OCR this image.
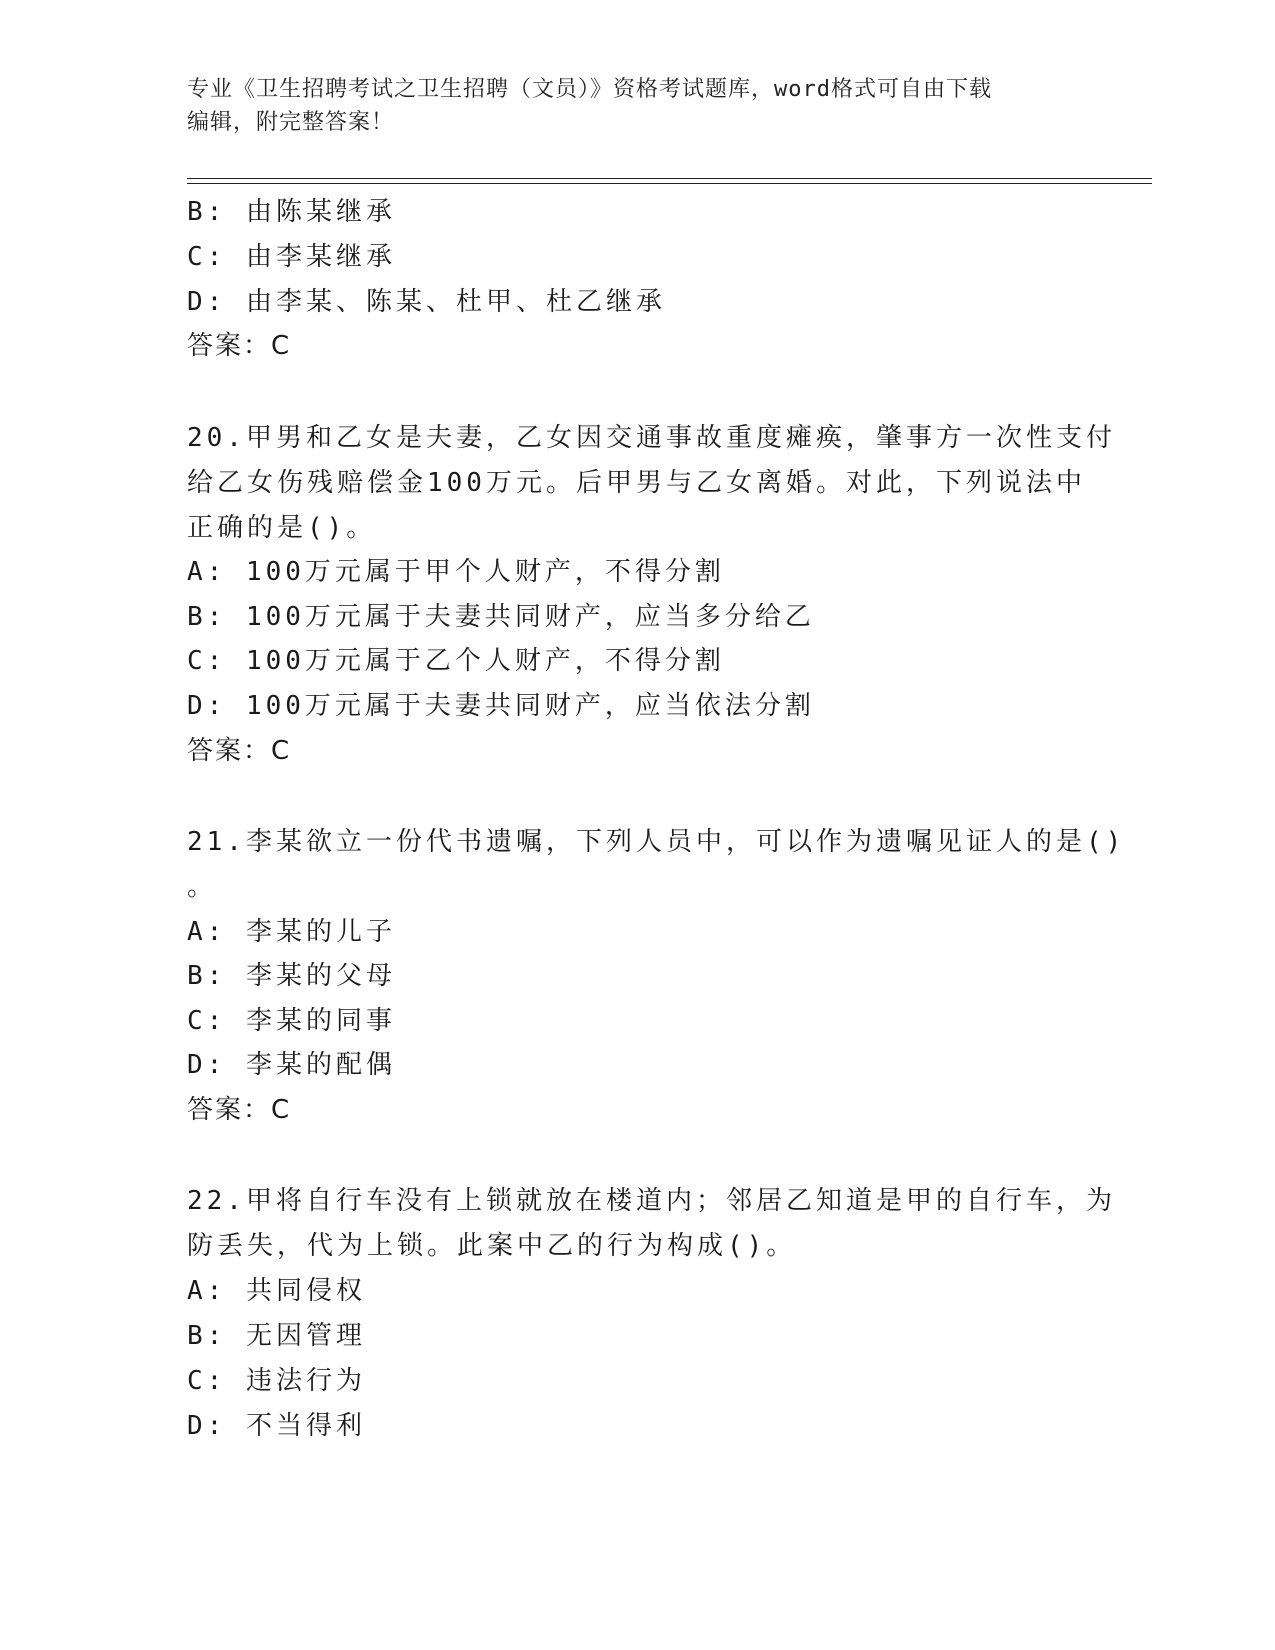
专业《卫生招聘考试之卫生招聘（文员）》资格考试题库，word格式可自由下载
编辑，附完整答案！
B: 由陈某继承
C: 由李某继承
D: 由李某、陈某、杜甲、杜乙继承
答案：C
20.甲男和乙女是夫妻，乙女因交通事故重度瘫痪，肇事方一次性支付
给乙女伤残赔偿金100万元。后甲男与乙女离婚。对此，下列说法中
正确的是()。
A: 100万元属于甲个人财产，不得分割
B: 100万元属于夫妻共同财产，应当多分给乙
C: 100万元属于乙个人财产，不得分割
D: 100万元属于夫妻共同财产，应当依法分割
答案：C
21.李某欲立一份代书遗嘱，下列人员中，可以作为遗嘱见证人的是()
。
A: 李某的儿子
B: 李某的父母
C: 李某的同事
D: 李某的配偶
答案：C
22.甲将自行车没有上锁就放在楼道内；邻居乙知道是甲的自行车，为
防丢失，代为上锁。此案中乙的行为构成()。
A: 共同侵权
B: 无因管理
C: 违法行为
D: 不当得利
